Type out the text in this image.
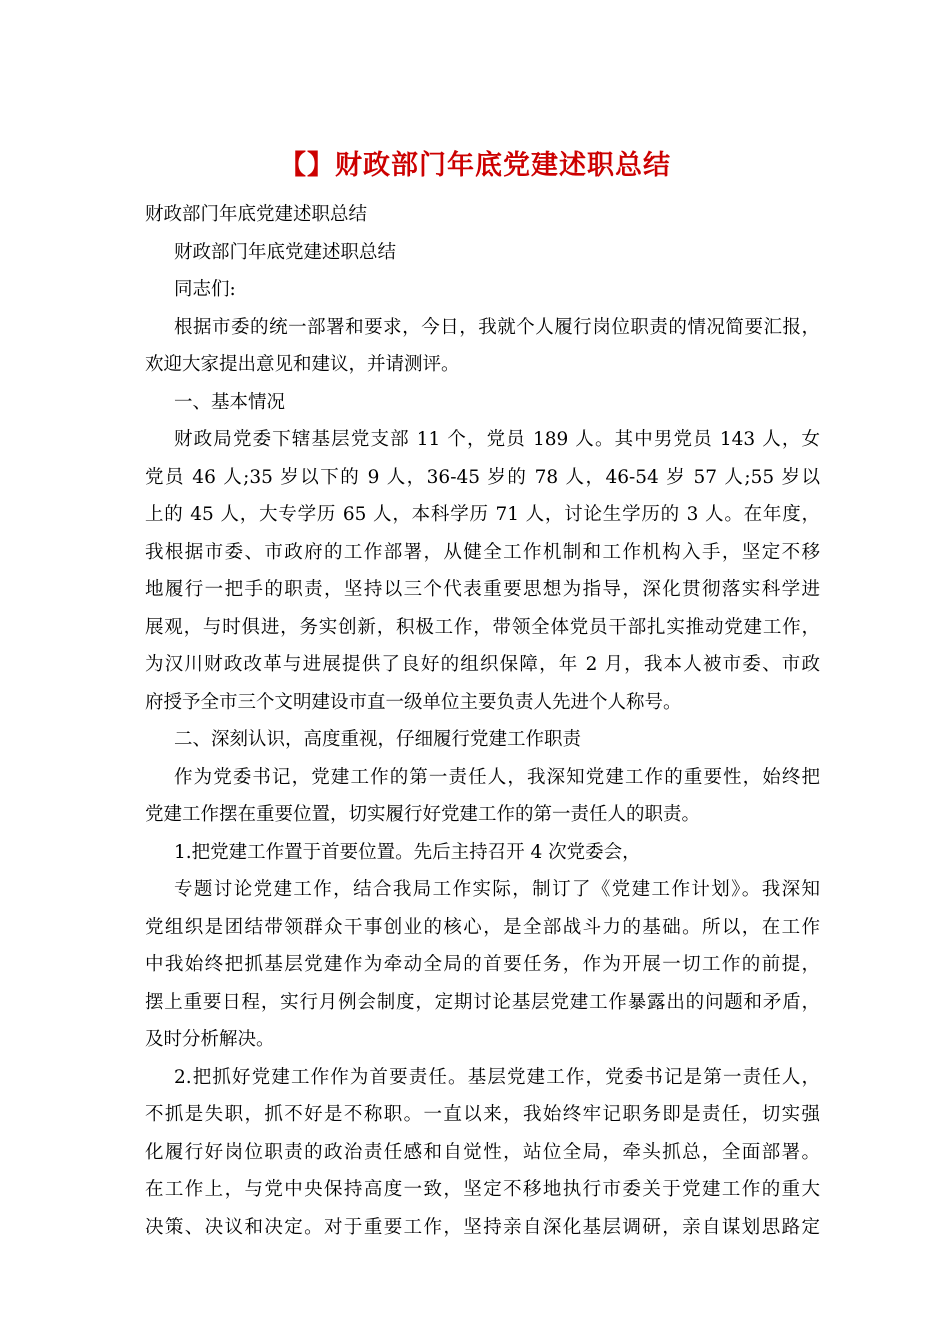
【】财政部门年底党建述职总结
财政部门年底党建述职总结
财政部门年底党建述职总结
同志们:
根据市委的统一部署和要求，今日，我就个人履行岗位职责的情况简要汇报，
欢迎大家提出意见和建议，并请测评。
一、基本情况
财政局党委下辖基层党支部 11 个，党员 189 人。其中男党员 143 人，女
党员 46 人;35 岁以下的 9 人，36-45 岁的 78 人，46-54 岁 57 人;55 岁以
上的 45 人，大专学历 65 人，本科学历 71 人，讨论生学历的 3 人。在年度，
我根据市委、市政府的工作部署，从健全工作机制和工作机构入手，坚定不移
地履行一把手的职责，坚持以三个代表重要思想为指导，深化贯彻落实科学进
展观，与时俱进，务实创新，积极工作，带领全体党员干部扎实推动党建工作，
为汉川财政改革与进展提供了良好的组织保障，年 2 月，我本人被市委、市政
府授予全市三个文明建设市直一级单位主要负责人先进个人称号。
二、深刻认识，高度重视，仔细履行党建工作职责
作为党委书记，党建工作的第一责任人，我深知党建工作的重要性，始终把
党建工作摆在重要位置，切实履行好党建工作的第一责任人的职责。
1.把党建工作置于首要位置。先后主持召开 4 次党委会，
专题讨论党建工作，结合我局工作实际，制订了《党建工作计划》。我深知
党组织是团结带领群众干事创业的核心，是全部战斗力的基础。所以，在工作
中我始终把抓基层党建作为牵动全局的首要任务，作为开展一切工作的前提，
摆上重要日程，实行月例会制度，定期讨论基层党建工作暴露出的问题和矛盾，
及时分析解决。
2.把抓好党建工作作为首要责任。基层党建工作，党委书记是第一责任人，
不抓是失职，抓不好是不称职。一直以来，我始终牢记职务即是责任，切实强
化履行好岗位职责的政治责任感和自觉性，站位全局，牵头抓总，全面部署。
在工作上，与党中央保持高度一致，坚定不移地执行市委关于党建工作的重大
决策、决议和决定。对于重要工作，坚持亲自深化基层调研，亲自谋划思路定
